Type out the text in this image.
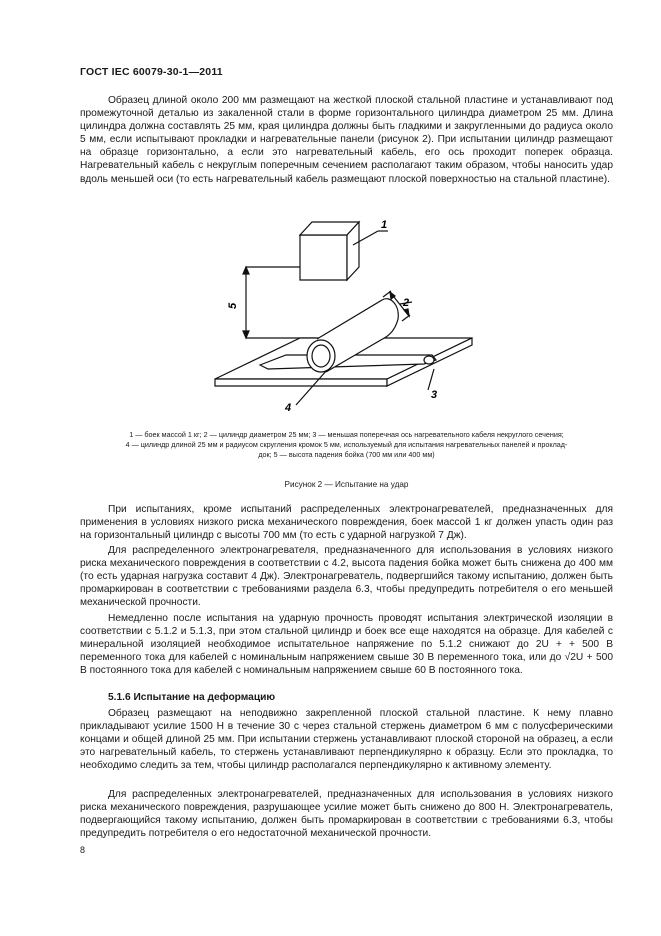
ГОСТ IEC 60079-30-1—2011

Образец длиной около 200 мм размещают на жесткой плоской стальной пластине и устанавливают под промежуточной деталью из закаленной стали в форме горизонтального цилиндра диаметром 25 мм. Длина цилиндра должна составлять 25 мм, края цилиндра должны быть гладкими и закругленными до радиуса около 5 мм, если испытывают прокладки и нагревательные панели (рисунок 2). При испытании цилиндр размещают на образце горизонтально, а если это нагревательный кабель, его ось проходит поперек образца. Нагревательный кабель с некруглым поперечным сечением располагают таким образом, чтобы наносить удар вдоль меньшей оси (то есть нагревательный кабель размещают плоской поверхностью на стальной пластине).

1
2
3
4
5
1 — боек массой 1 кг; 2 — цилиндр диаметром 25 мм; 3 — меньшая поперечная ось нагревательного кабеля некруглого сечения;
4 — цилиндр длиной 25 мм и радиусом скругления кромок 5 мм, используемый для испытания нагревательных панелей и проклад-
док; 5 — высота падения бойка (700 мм или 400 мм)
Рисунок 2 — Испытание на удар

При испытаниях, кроме испытаний распределенных электронагревателей, предназначенных для применения в условиях низкого риска механического повреждения, боек массой 1 кг должен упасть один раз на горизонтальный цилиндр с высоты 700 мм (то есть с ударной нагрузкой 7 Дж).

Для распределенного электронагревателя, предназначенного для использования в условиях низкого риска механического повреждения в соответствии с 4.2, высота падения бойка может быть снижена до 400 мм (то есть ударная нагрузка составит 4 Дж). Электронагреватель, подвергшийся такому испытанию, должен быть промаркирован в соответствии с требованиями раздела 6.3, чтобы предупредить потребителя о его меньшей механической прочности.

Немедленно после испытания на ударную прочность проводят испытания электрической изоляции в соответствии с 5.1.2 и 5.1.3, при этом стальной цилиндр и боек все еще находятся на образце. Для кабелей с минеральной изоляцией необходимое испытательное напряжение по 5.1.2 снижают до 2U + + 500 В переменного тока для кабелей с номинальным напряжением свыше 30 В переменного тока, или до √2U + 500 В постоянного тока для кабелей с номинальным напряжением свыше 60 В постоянного тока.

5.1.6 Испытание на деформацию

Образец размещают на неподвижно закрепленной плоской стальной пластине. К нему плавно прикладывают усилие 1500 Н в течение 30 с через стальной стержень диаметром 6 мм с полусферическими концами и общей длиной 25 мм. При испытании стержень устанавливают плоской стороной на образец, а если это нагревательный кабель, то стержень устанавливают перпендикулярно к образцу. Если это прокладка, то необходимо следить за тем, чтобы цилиндр располагался перпендикулярно к активному элементу.

Для распределенных электронагревателей, предназначенных для использования в условиях низкого риска механического повреждения, разрушающее усилие может быть снижено до 800 Н. Электронагреватель, подвергающийся такому испытанию, должен быть промаркирован в соответствии с требованиями 6.3, чтобы предупредить потребителя о его недостаточной механической прочности.

8
